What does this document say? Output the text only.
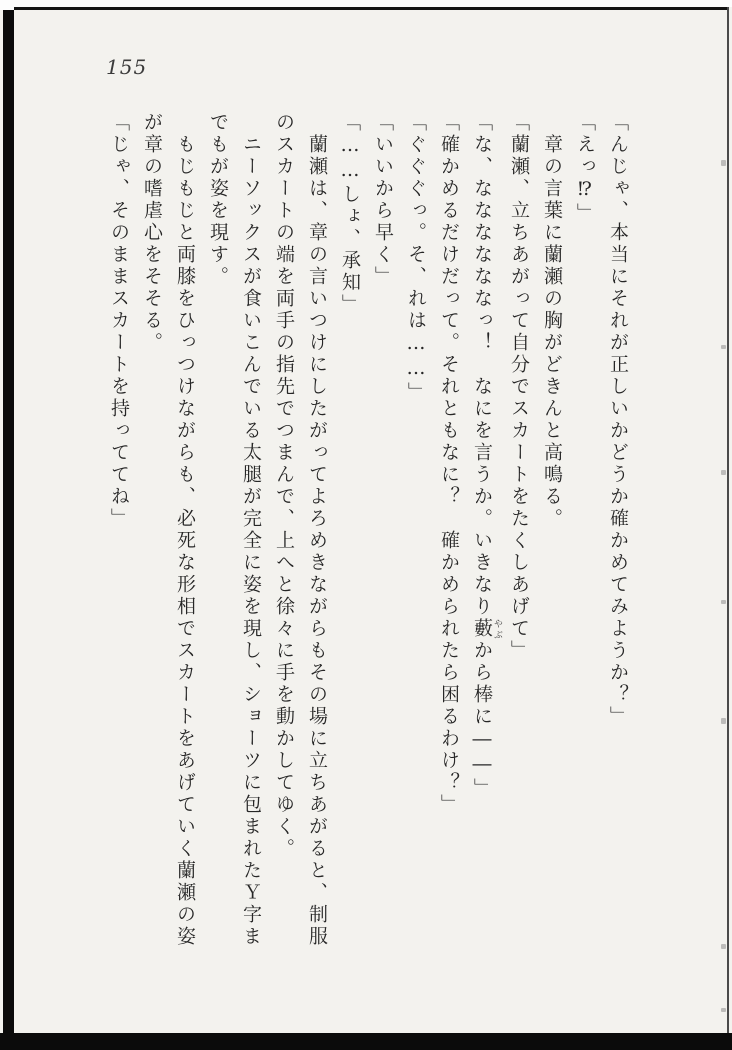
155

「んじゃ、本当にそれが正しいかどうか確かめてみようか？」

「えっ⁉」

　章の言葉に蘭瀬の胸がどきんと高鳴る。

「蘭瀬、立ちあがって自分でスカートをたくしあげて」

「な、ななななななっ！　なにを言うか。いきなり藪 やぶから棒に――」

「確かめるだけだって。それともなに？　確かめられたら困るわけ？」

「ぐぐぐっ。そ、れは……」

「いいから早く」

「……しょ、承知」

　蘭瀬は、章の言いつけにしたがってよろめきながらもその場に立ちあがると、制服

のスカートの端を両手の指先でつまんで、上へと徐々に手を動かしてゆく。

　ニーソックスが食いこんでいる太腿が完全に姿を現し、ショーツに包まれたＹ字ま

でもが姿を現す。

　もじもじと両膝をひっつけながらも、必死な形相でスカートをあげていく蘭瀬の姿

が章の嗜虐心をそそる。

「じゃ、そのままスカートを持っててね」
